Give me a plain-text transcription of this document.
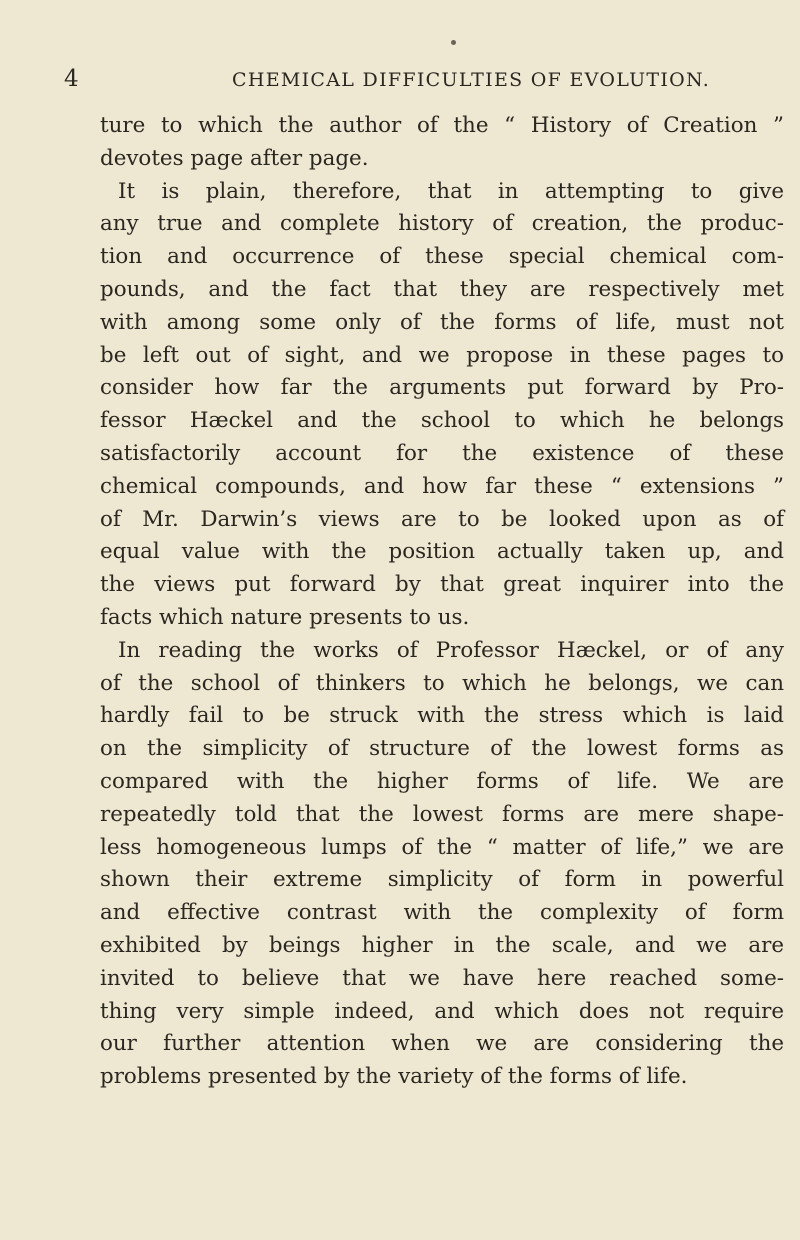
4	CHEMICAL DIFFICULTIES OF EVOLUTION.
ture to which the author of the “ History of Creation ”
devotes page after page.
It is plain, therefore, that in attempting to give
any true and complete history of creation, the produc-
tion and occurrence of these special chemical com-
pounds, and the fact that they are respectively met
with among some only of the forms of life, must not
be left out of sight, and we propose in these pages to
consider how far the arguments put forward by Pro-
fessor Hæckel and the school to which he belongs
satisfactorily account for the existence of these
chemical compounds, and how far these “ extensions ”
of Mr. Darwin’s views are to be looked upon as of
equal value with the position actually taken up, and
the views put forward by that great inquirer into the
facts which nature presents to us.
In reading the works of Professor Hæckel, or of any
of the school of thinkers to which he belongs, we can
hardly fail to be struck with the stress which is laid
on the simplicity of structure of the lowest forms as
compared with the higher forms of life. We are
repeatedly told that the lowest forms are mere shape-
less homogeneous lumps of the “ matter of life,” we are
shown their extreme simplicity of form in powerful
and effective contrast with the complexity of form
exhibited by beings higher in the scale, and we are
invited to believe that we have here reached some-
thing very simple indeed, and which does not require
our further attention when we are considering the
problems presented by the variety of the forms of life.
